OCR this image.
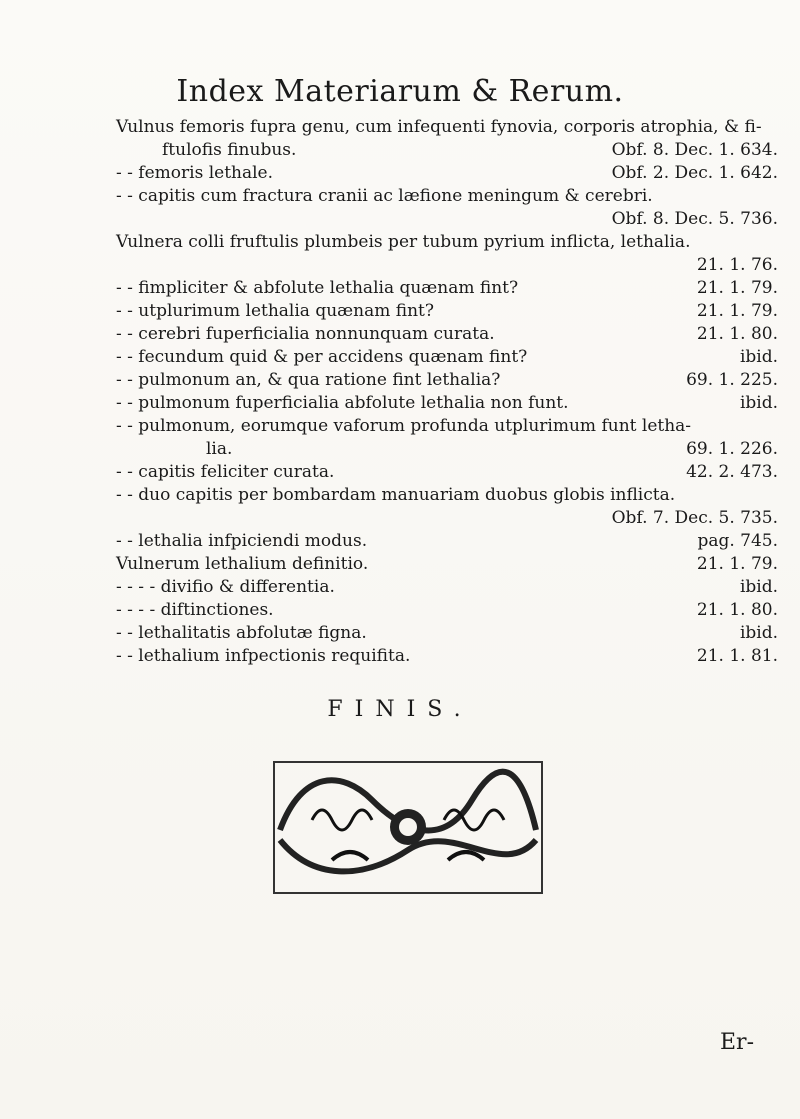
Index Materiarum & Rerum.
Vulnus femoris fupra genu, cum infequenti fynovia, corporis atrophia, & fi-
ftulofis finubus.	Obf. 8. Dec. 1. 634.
- - femoris lethale.	Obf. 2. Dec. 1. 642.
- - capitis cum fractura cranii ac læfione meningum & cerebri.
Obf. 8. Dec. 5. 736.
Vulnera colli fruftulis plumbeis per tubum pyrium inflicta, lethalia.
21. 1. 76.
- - fimpliciter & abfolute lethalia quænam fint?	21. 1. 79.
- - utplurimum lethalia quænam fint?	21. 1. 79.
- - cerebri fuperficialia nonnunquam curata.	21. 1. 80.
- - fecundum quid & per accidens quænam fint?	ibid.
- - pulmonum an, & qua ratione fint lethalia?	69. 1. 225.
- - pulmonum fuperficialia abfolute lethalia non funt.	ibid.
- - pulmonum, eorumque vaforum profunda utplurimum funt letha-
lia.	69. 1. 226.
- - capitis feliciter curata.	42. 2. 473.
- - duo capitis per bombardam manuariam duobus globis inflicta.
Obf. 7. Dec. 5. 735.
- - lethalia infpiciendi modus.	pag. 745.
Vulnerum lethalium definitio.	21. 1. 79.
- - - - divifio & differentia.	ibid.
- - - - diftinctiones.	21. 1. 80.
- - lethalitatis abfolutæ figna.	ibid.
- - lethalium infpectionis requifita.	21. 1. 81.
FINIS.
Er-
